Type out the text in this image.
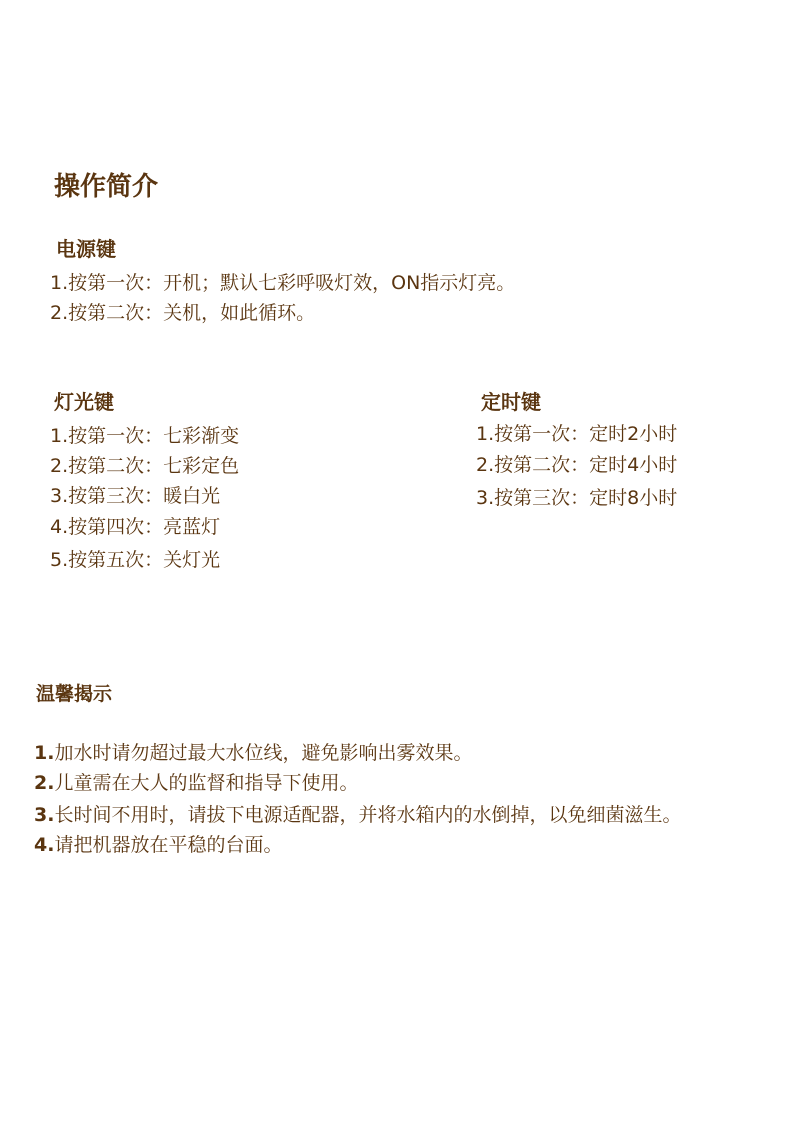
操作简介
电源键
1.按第一次：开机；默认七彩呼吸灯效，ON指示灯亮。
2.按第二次：关机，如此循环。
灯光键
1.按第一次：七彩渐变
2.按第二次：七彩定色
3.按第三次：暖白光
4.按第四次：亮蓝灯
5.按第五次：关灯光
定时键
1.按第一次：定时2小时
2.按第二次：定时4小时
3.按第三次：定时8小时
温馨揭示
1.加水时请勿超过最大水位线，避免影响出雾效果。
2.儿童需在大人的监督和指导下使用。
3.长时间不用时，请拔下电源适配器，并将水箱内的水倒掉，以免细菌滋生。
4.请把机器放在平稳的台面。
